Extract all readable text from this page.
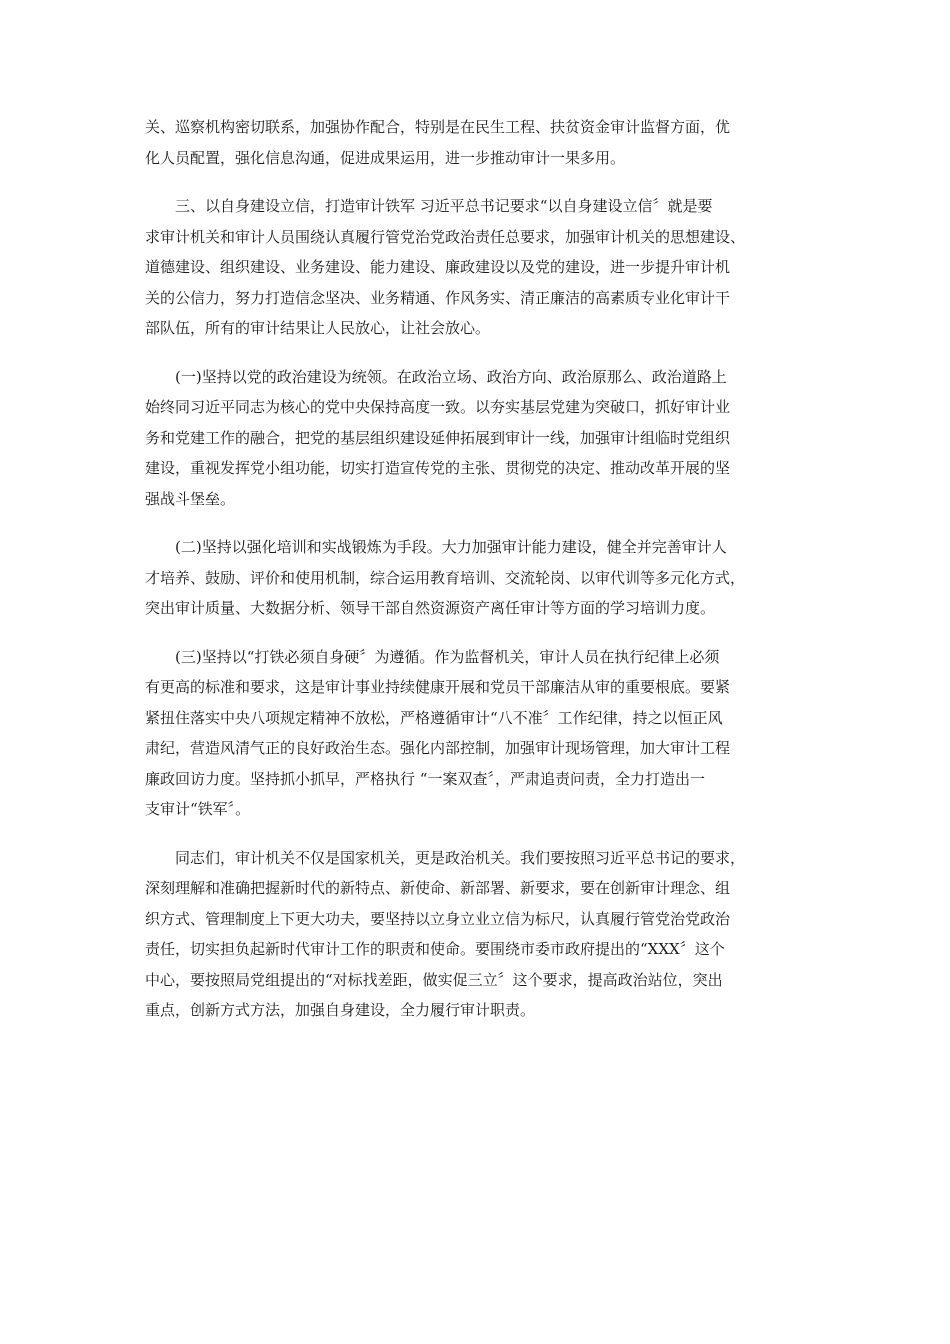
关、巡察机构密切联系，加强协作配合，特别是在民生工程、扶贫资金审计监督方面，优
化人员配置，强化信息沟通，促进成果运用，进一步推动审计一果多用。
三、以自身建设立信，打造审计铁军 习近平总书记要求“以自身建设立信〞就是要
求审计机关和审计人员围绕认真履行管党治党政治责任总要求，加强审计机关的思想建设、
道德建设、组织建设、业务建设、能力建设、廉政建设以及党的建设，进一步提升审计机
关的公信力，努力打造信念坚决、业务精通、作风务实、清正廉洁的高素质专业化审计干
部队伍，所有的审计结果让人民放心，让社会放心。
(一)坚持以党的政治建设为统领。在政治立场、政治方向、政治原那么、政治道路上
始终同习近平同志为核心的党中央保持高度一致。以夯实基层党建为突破口，抓好审计业
务和党建工作的融合，把党的基层组织建设延伸拓展到审计一线，加强审计组临时党组织
建设，重视发挥党小组功能，切实打造宣传党的主张、贯彻党的决定、推动改革开展的坚
强战斗堡垒。
(二)坚持以强化培训和实战锻炼为手段。大力加强审计能力建设，健全并完善审计人
才培养、鼓励、评价和使用机制，综合运用教育培训、交流轮岗、以审代训等多元化方式，
突出审计质量、大数据分析、领导干部自然资源资产离任审计等方面的学习培训力度。
(三)坚持以“打铁必须自身硬〞为遵循。作为监督机关，审计人员在执行纪律上必须
有更高的标准和要求，这是审计事业持续健康开展和党员干部廉洁从审的重要根底。要紧
紧扭住落实中央八项规定精神不放松，严格遵循审计“八不准〞工作纪律，持之以恒正风
肃纪，营造风清气正的良好政治生态。强化内部控制，加强审计现场管理，加大审计工程
廉政回访力度。坚持抓小抓早，严格执行 “一案双查〞，严肃追责问责，全力打造出一
支审计“铁军〞。
同志们，审计机关不仅是国家机关，更是政治机关。我们要按照习近平总书记的要求，
深刻理解和准确把握新时代的新特点、新使命、新部署、新要求，要在创新审计理念、组
织方式、管理制度上下更大功夫，要坚持以立身立业立信为标尺，认真履行管党治党政治
责任，切实担负起新时代审计工作的职责和使命。要围绕市委市政府提出的“XXX〞这个
中心，要按照局党组提出的“对标找差距，做实促三立〞这个要求，提高政治站位，突出
重点，创新方式方法，加强自身建设，全力履行审计职责。
